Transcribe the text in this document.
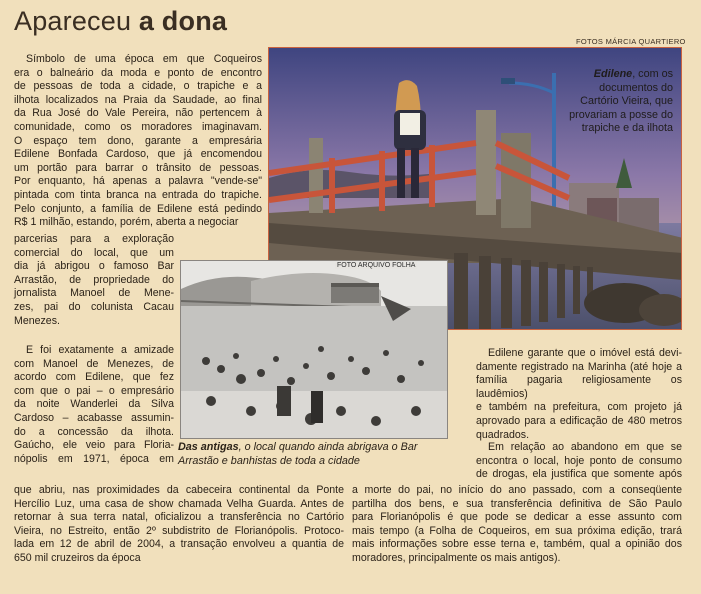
Apareceu a dona
FOTOS MÁRCIA QUARTIERO
Edilene, com os documentos do Cartório Vieira, que provariam a posse do trapiche e da ilhota
FOTO ARQUIVO FOLHA
Das antigas, o local quando ainda abrigava o Bar Arrastão e banhistas de toda a cidade

Símbolo de uma época em que Coqueiros

era o balneário da moda e ponto de encontro

de pessoas de toda a cidade, o trapiche e a

ilhota localizados na Praia da Saudade, ao final

da Rua José do Vale Pereira, não pertencem à

comunidade, como os moradores imaginavam.

O espaço tem dono, garante a empresária

Edilene Bonfada Cardoso, que já encomendou

um portão para barrar o trânsito de pessoas.

Por enquanto, há apenas a palavra "vende-se"

pintada com tinta branca na entrada do trapiche.

Pelo conjunto, a família de Edilene está pedindo

R$ 1 milhão, estando, porém, aberta a negociar

parcerias para a exploração

comercial do local, que um

dia já abrigou o famoso Bar

Arrastão, de propriedade do

jornalista Manoel de Mene-

zes, pai do colunista Cacau

Menezes.

E foi exatamente a amizade

com Manoel de Menezes, de

acordo com Edilene, que fez

com que o pai – o empresário

da noite Wanderlei da Silva

Cardoso – acabasse assumin-

do a concessão da ilhota.

Gaúcho, ele veio para Floria-

nópolis em 1971, época em

que abriu, nas proximidades da cabeceira continental da Ponte

Hercílio Luz, uma casa de show chamada Velha Guarda. Antes de

retornar à sua terra natal, oficializou a transferência no Cartório

Vieira, no Estreito, então 2º subdistrito de Florianópolis. Protoco-

lada em 12 de abril de 2004, a transação envolveu a quantia de

650 mil cruzeiros da época

Edilene garante que o imóvel está devi-

damente registrado na Marinha (até hoje a

família pagaria religiosamente os laudêmios)

e também na prefeitura, com projeto já

aprovado para a edificação de 480 metros

quadrados.

Em relação ao abandono em que se

encontra o local, hoje ponto de consumo

de drogas, ela justifica que somente após

a morte do pai, no início do ano passado, com a conseqüente

partilha dos bens, e sua transferência definitiva de São Paulo

para Florianópolis é que pode se dedicar a esse assunto com

mais tempo (a Folha de Coqueiros, em sua próxima edição, trará

mais informações sobre esse terna e, também, qual a opinião dos

moradores, principalmente os mais antigos).
